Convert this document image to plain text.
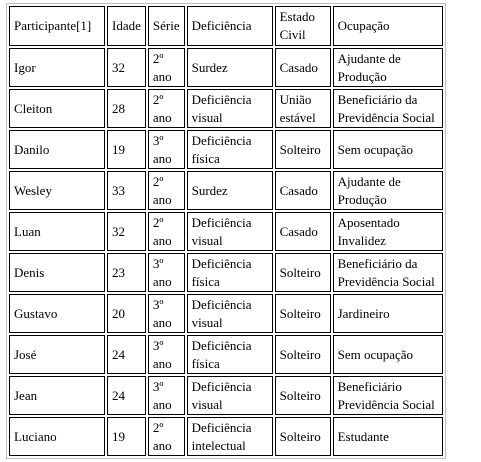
Participante[1]	Idade	Série	Deficiência	Estado Civil	Ocupação
Igor	32	2º ano	Surdez	Casado	Ajudante de Produção
Cleiton	28	2º ano	Deficiência visual	União estável	Beneficiário da Previdência Social
Danilo	19	3º ano	Deficiência física	Solteiro	Sem ocupação
Wesley	33	2º ano	Surdez	Casado	Ajudante de Produção
Luan	32	2º ano	Deficiência visual	Casado	Aposentado Invalidez
Denis	23	3º ano	Deficiência física	Solteiro	Beneficiário da Previdência Social
Gustavo	20	3º ano	Deficiência visual	Solteiro	Jardineiro
José	24	3º ano	Deficiência física	Solteiro	Sem ocupação
Jean	24	3º ano	Deficiência visual	Solteiro	Beneficiário Previdência Social
Luciano	19	2º ano	Deficiência intelectual	Solteiro	Estudante
